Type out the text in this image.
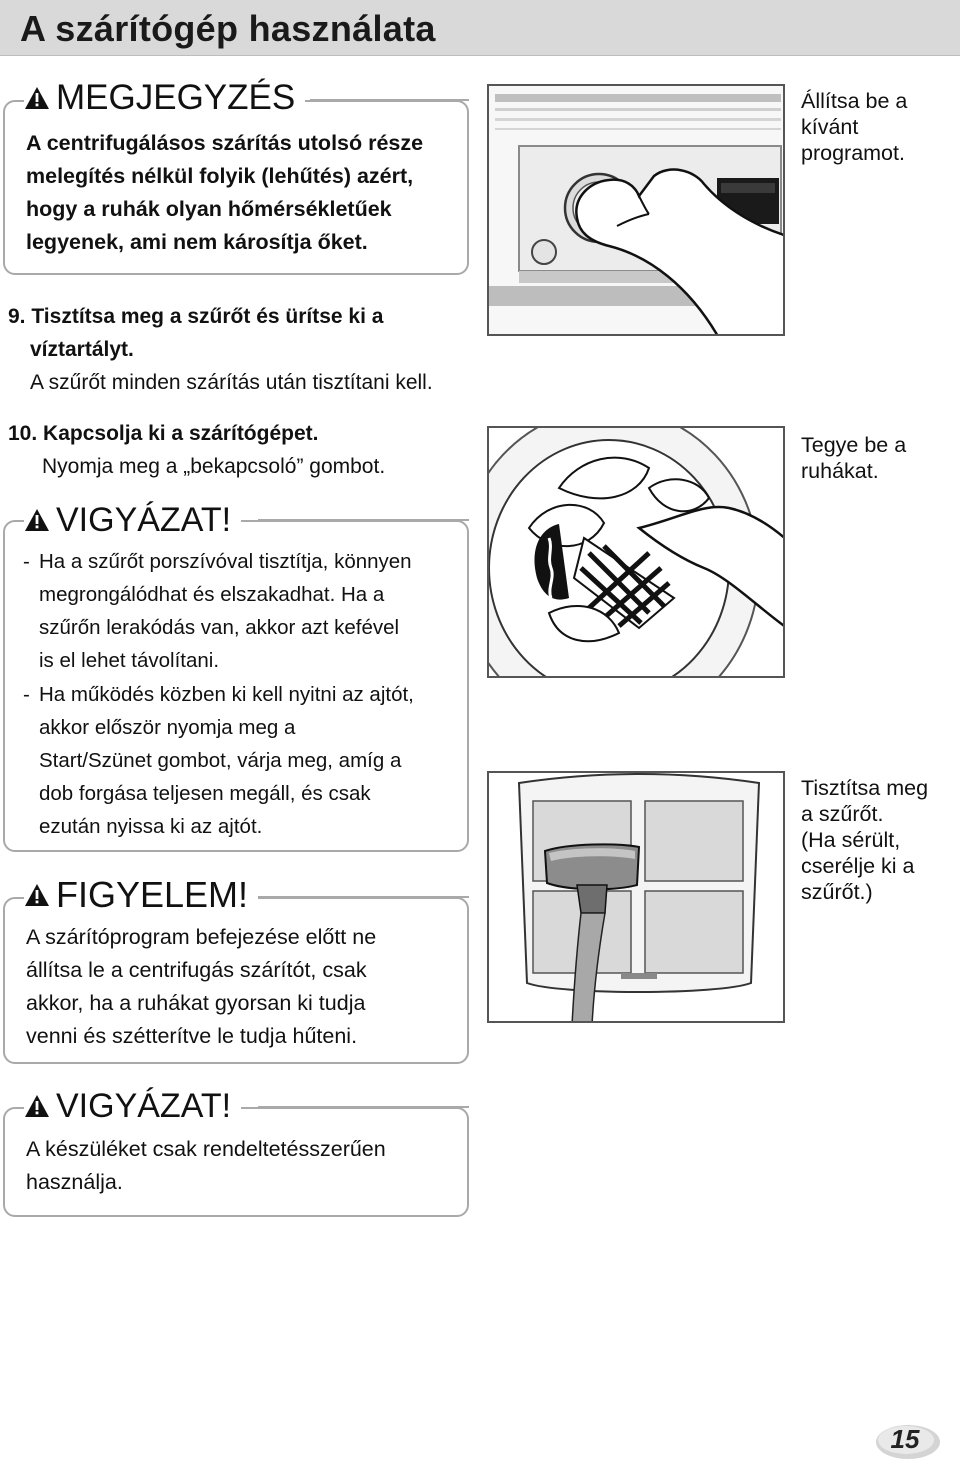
A szárítógép használata
MEGJEGYZÉS
A centrifugálásos szárítás utolsó része
melegítés nélkül folyik (lehűtés) azért,
hogy a ruhák olyan hőmérsékletűek
legyenek, ami nem károsítja őket.
9. Tisztítsa meg a szűrőt és ürítse ki a
víztartályt.
A szűrőt minden szárítás után tisztítani kell.
10. Kapcsolja ki a szárítógépet.
Nyomja meg a „bekapcsoló” gombot.
VIGYÁZAT!
- Ha a szűrőt porszívóval tisztítja, könnyen
megrongálódhat és elszakadhat. Ha a
szűrőn lerakódás van, akkor azt kefével
is el lehet távolítani.
- Ha működés közben ki kell nyitni az ajtót,
akkor először nyomja meg a
Start/Szünet gombot, várja meg, amíg a
dob forgása teljesen megáll, és csak
ezután nyissa ki az ajtót.
FIGYELEM!
A szárítóprogram befejezése előtt ne
állítsa le a centrifugás szárítót, csak
akkor, ha a ruhákat gyorsan ki tudja
venni és szétterítve le tudja hűteni.
VIGYÁZAT!
A készüléket csak rendeltetésszerűen
használja.
Állítsa be a
kívánt
programot.
Tegye be a
ruhákat.
Tisztítsa meg
a szűrőt.
(Ha sérült,
cserélje ki a
szűrőt.)
15
